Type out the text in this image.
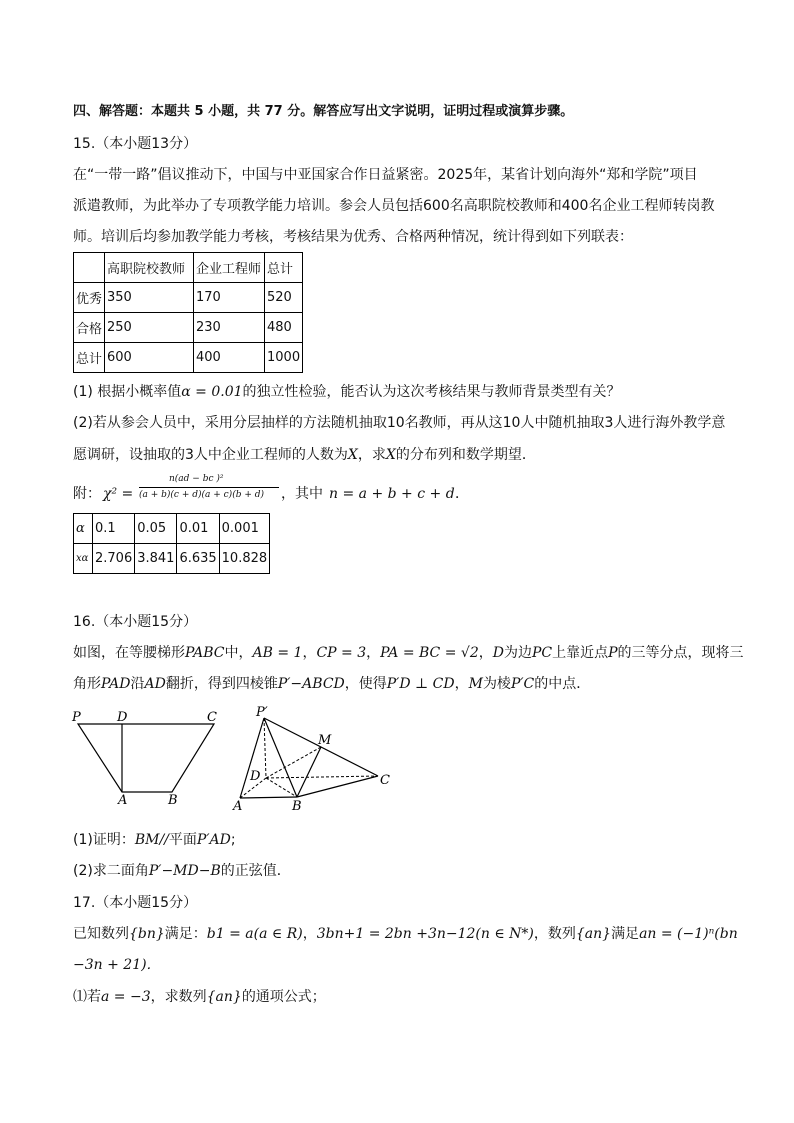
四、解答题：本题共 5 小题，共 77 分。解答应写出文字说明，证明过程或演算步骤。
15.（本小题13分）
在“一带一路”倡议推动下，中国与中亚国家合作日益紧密。2025年，某省计划向海外“郑和学院”项目
派遣教师，为此举办了专项教学能力培训。参会人员包括600名高职院校教师和400名企业工程师转岗教
师。培训后均参加教学能力考核，考核结果为优秀、合格两种情况，统计得到如下列联表：
	高职院校教师	企业工程师	总计
优秀	350	170	520
合格	250	230	480
总计	600	400	1000
(1) 根据小概率值α = 0.01的独立性检验，能否认为这次考核结果与教师背景类型有关？
(2)若从参会人员中，采用分层抽样的方法随机抽取10名教师，再从这10人中随机抽取3人进行海外教学意
愿调研，设抽取的3人中企业工程师的人数为X，求X的分布列和数学期望．
附： χ² =
n(ad − bc )²
(a + b)(c + d)(a + c)(b + d) ，其中 n = a + b + c + d ．
α	0.1	0.05	0.01	0.001
xα	2.706	3.841	6.635	10.828
16.（本小题15分）
如图，在等腰梯形PABC中，AB = 1，CP = 3，PA = BC = √2，D为边PC上靠近点P的三等分点，现将三
角形PAD沿AD翻折，得到四棱锥P′−ABCD，使得P′D ⊥ CD，M为棱P′C的中点．
P	D	C
A	B
P′
M
D	C
A	B
(1)证明：BM//平面P′AD;
(2)求二面角P′−MD−B的正弦值．
17.（本小题15分）
已知数列{bn}满足：b1 = a(a ∈ R)，3bn+1 = 2bn +3n−12(n ∈ N*)，数列{an}满足an = (−1)ⁿ(bn
−3n + 21)．
⑴若a = −3，求数列{an}的通项公式；
